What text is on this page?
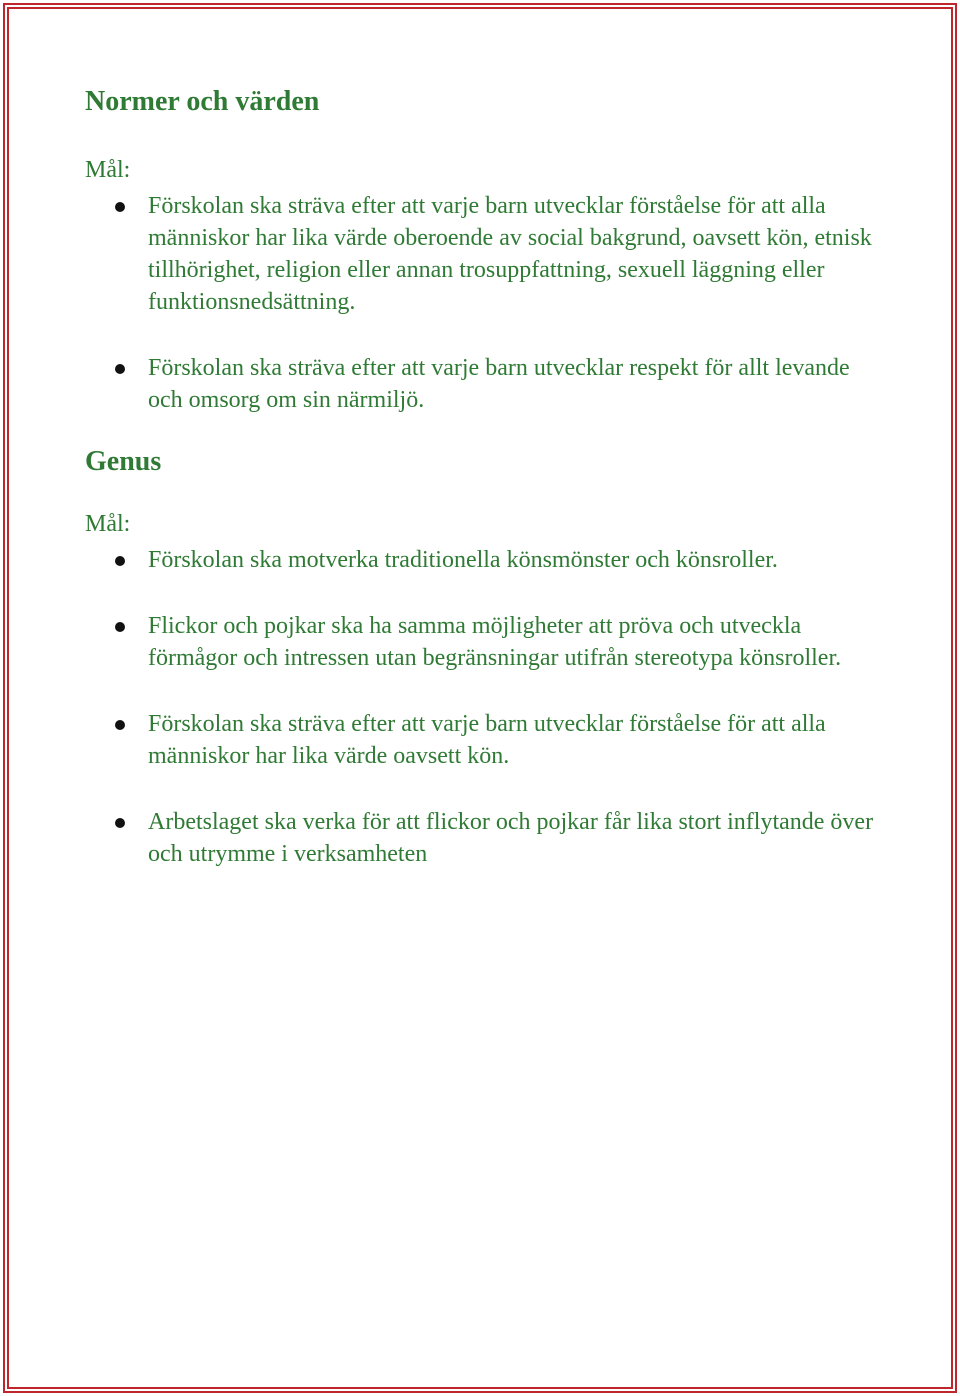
Normer och värden

Mål:

Förskolan ska sträva efter att varje barn utvecklar förståelse för att alla människor har lika värde oberoende av social bakgrund, oavsett kön, etnisk tillhörighet, religion eller annan trosuppfattning, sexuell läggning eller funktionsnedsättning.
Förskolan ska sträva efter att varje barn utvecklar respekt för allt levande och omsorg om sin närmiljö.
Genus

Mål:

Förskolan ska motverka traditionella könsmönster och könsroller.
Flickor och pojkar ska ha samma möjligheter att pröva och utveckla förmågor och intressen utan begränsningar utifrån stereotypa könsroller.
Förskolan ska sträva efter att varje barn utvecklar förståelse för att alla människor har lika värde oavsett kön.
Arbetslaget ska verka för att flickor och pojkar får lika stort inflytande över och utrymme i verksamheten
